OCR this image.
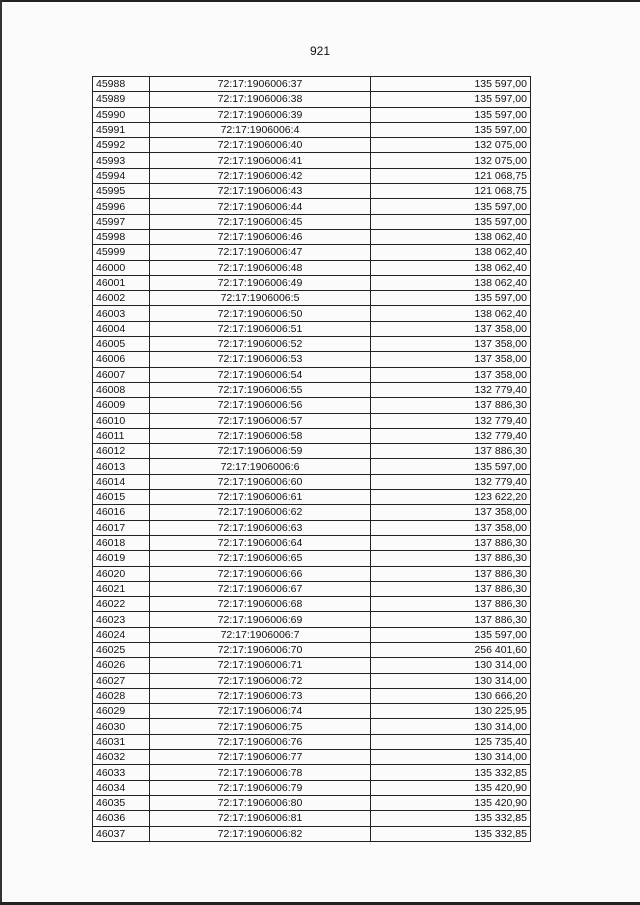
921
45988	72:17:1906006:37	135 597,00
45989	72:17:1906006:38	135 597,00
45990	72:17:1906006:39	135 597,00
45991	72:17:1906006:4	135 597,00
45992	72:17:1906006:40	132 075,00
45993	72:17:1906006:41	132 075,00
45994	72:17:1906006:42	121 068,75
45995	72:17:1906006:43	121 068,75
45996	72:17:1906006:44	135 597,00
45997	72:17:1906006:45	135 597,00
45998	72:17:1906006:46	138 062,40
45999	72:17:1906006:47	138 062,40
46000	72:17:1906006:48	138 062,40
46001	72:17:1906006:49	138 062,40
46002	72:17:1906006:5	135 597,00
46003	72:17:1906006:50	138 062,40
46004	72:17:1906006:51	137 358,00
46005	72:17:1906006:52	137 358,00
46006	72:17:1906006:53	137 358,00
46007	72:17:1906006:54	137 358,00
46008	72:17:1906006:55	132 779,40
46009	72:17:1906006:56	137 886,30
46010	72:17:1906006:57	132 779,40
46011	72:17:1906006:58	132 779,40
46012	72:17:1906006:59	137 886,30
46013	72:17:1906006:6	135 597,00
46014	72:17:1906006:60	132 779,40
46015	72:17:1906006:61	123 622,20
46016	72:17:1906006:62	137 358,00
46017	72:17:1906006:63	137 358,00
46018	72:17:1906006:64	137 886,30
46019	72:17:1906006:65	137 886,30
46020	72:17:1906006:66	137 886,30
46021	72:17:1906006:67	137 886,30
46022	72:17:1906006:68	137 886,30
46023	72:17:1906006:69	137 886,30
46024	72:17:1906006:7	135 597,00
46025	72:17:1906006:70	256 401,60
46026	72:17:1906006:71	130 314,00
46027	72:17:1906006:72	130 314,00
46028	72:17:1906006:73	130 666,20
46029	72:17:1906006:74	130 225,95
46030	72:17:1906006:75	130 314,00
46031	72:17:1906006:76	125 735,40
46032	72:17:1906006:77	130 314,00
46033	72:17:1906006:78	135 332,85
46034	72:17:1906006:79	135 420,90
46035	72:17:1906006:80	135 420,90
46036	72:17:1906006:81	135 332,85
46037	72:17:1906006:82	135 332,85
